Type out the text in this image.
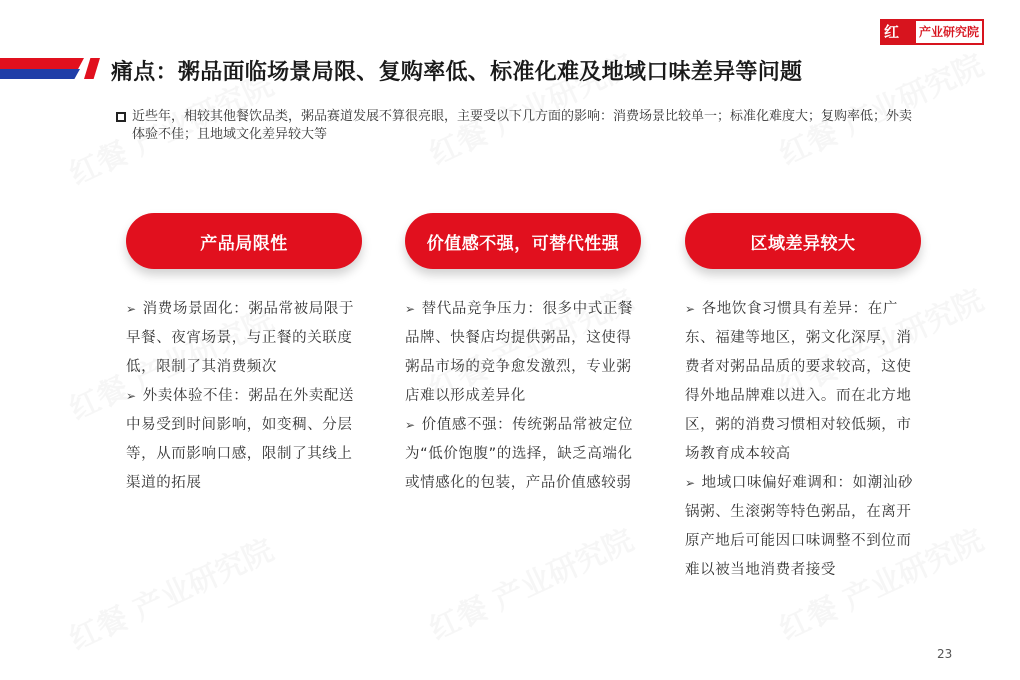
红餐
产业研究院
痛点：粥品面临场景局限、复购率低、标准化难及地域口味差异等问题
近些年，相较其他餐饮品类，粥品赛道发展不算很亮眼，主要受以下几方面的影响：消费场景比较单一；标准化难度大；复购率低；外卖体验不佳；且地域文化差异较大等
产品局限性

➢ 消费场景固化：粥品常被局限于早餐、夜宵场景，与正餐的关联度低，限制了其消费频次

➢ 外卖体验不佳：粥品在外卖配送中易受到时间影响，如变稠、分层等，从而影响口感，限制了其线上渠道的拓展

价值感不强，可替代性强

➢ 替代品竞争压力：很多中式正餐品牌、快餐店均提供粥品，这使得粥品市场的竞争愈发激烈，专业粥店难以形成差异化

➢ 价值感不强：传统粥品常被定位为“低价饱腹”的选择，缺乏高端化或情感化的包装，产品价值感较弱

区域差异较大

➢ 各地饮食习惯具有差异：在广东、福建等地区，粥文化深厚，消费者对粥品品质的要求较高，这使得外地品牌难以进入。而在北方地区，粥的消费习惯相对较低频，市场教育成本较高

➢ 地域口味偏好难调和：如潮汕砂锅粥、生滚粥等特色粥品，在离开原产地后可能因口味调整不到位而难以被当地消费者接受

23
